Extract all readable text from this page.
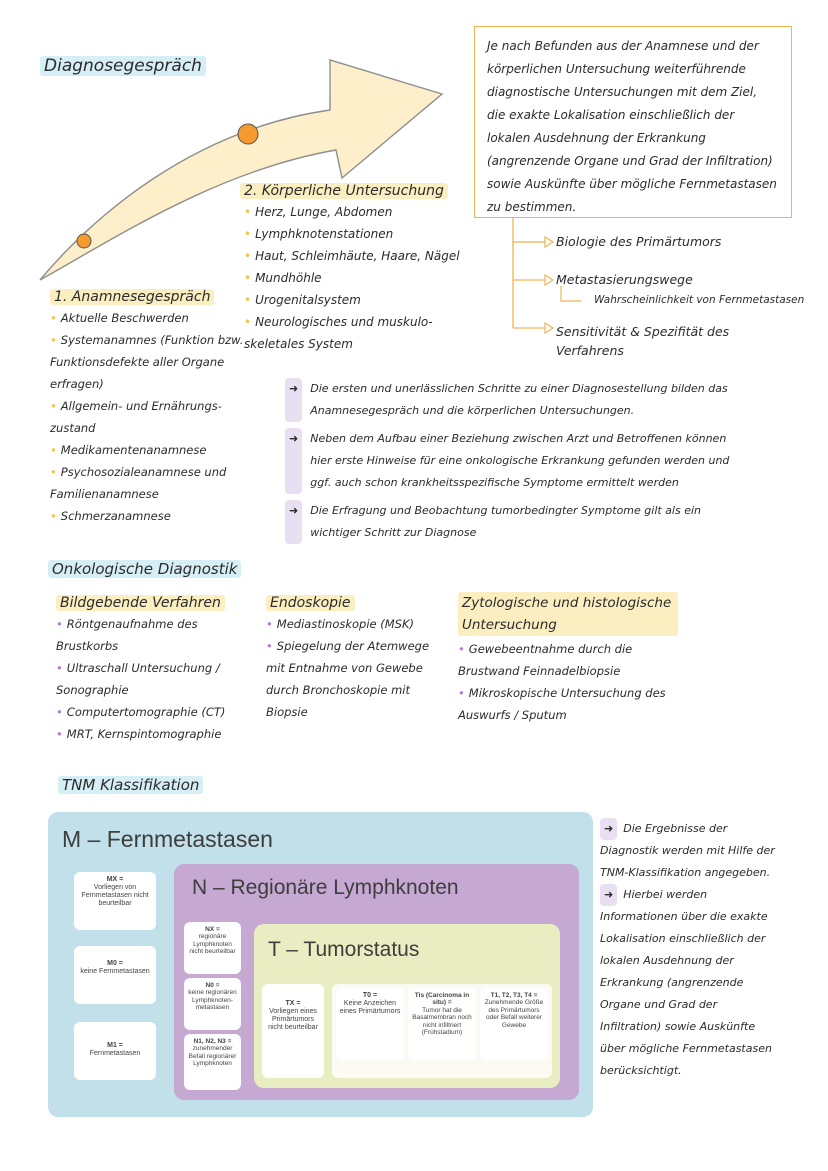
Diagnosegespräch
Je nach Befunden aus der Anamnese und der körperlichen Untersuchung weiterführende diagnostische Untersuchungen mit dem Ziel, die exakte Lokalisation einschließlich der lokalen Ausdehnung der Erkrankung (angrenzende Organe und Grad der Infiltration) sowie Auskünfte über mögliche Fernmetastasen zu bestimmen.
Biologie des Primärtumors
Metastasierungswege
Wahrscheinlichkeit von Fernmetastasen
Sensitivität & Spezifität des Verfahrens
1. Anamnesegespräch
• Aktuelle Beschwerden
• Systemanamnes (Funktion bzw. Funktionsdefekte aller Organe erfragen)
• Allgemein- und Ernährungs-zustand
• Medikamentenanamnese
• Psychosozialeanamnese und Familienanamnese
• Schmerzanamnese
2. Körperliche Untersuchung
• Herz, Lunge, Abdomen
• Lymphknotenstationen
• Haut, Schleimhäute, Haare, Nägel
• Mundhöhle
• Urogenitalsystem
• Neurologisches und muskulo-skeletales System
➜	Die ersten und unerlässlichen Schritte zu einer Diagnosestellung bilden das Anamnesegespräch und die körperlichen Untersuchungen.
➜	Neben dem Aufbau einer Beziehung zwischen Arzt und Betroffenen können hier erste Hinweise für eine onkologische Erkrankung gefunden werden und ggf. auch schon krankheitsspezifische Symptome ermittelt werden
➜	Die Erfragung und Beobachtung tumorbedingter Symptome gilt als ein wichtiger Schritt zur Diagnose
Onkologische Diagnostik
Bildgebende Verfahren
• Röntgenaufnahme des Brustkorbs
• Ultraschall Untersuchung / Sonographie
• Computertomographie (CT)
• MRT, Kernspintomographie
Endoskopie
• Mediastinoskopie (MSK)
• Spiegelung der Atemwege mit Entnahme von Gewebe durch Bronchoskopie mit Biopsie
Zytologische und histologische Untersuchung
• Gewebeentnahme durch die Brustwand Feinnadelbiopsie
• Mikroskopische Untersuchung des Auswurfs / Sputum
TNM Klassifikation
M – Fernmetastasen
MX =
Vorliegen von Fernmetastasen nicht beurteilbar
M0 =
keine Fernmetastasen
M1 =
Fernmetastasen
N – Regionäre Lymphknoten
NX =
regionäre Lymphknoten nicht beurteilbar
N0 =
keine regionären Lymphknoten-metastasen
N1, N2, N3 =
zunehmender Befall regionärer Lymphknoten
T – Tumorstatus
TX =
Vorliegen eines Primärtumors nicht beurteilbar
T0 =
Keine Anzeichen eines Primärtumors
Tis (Carcinoma in situ) =
Tumor hat die Basalmembran noch nicht infiltriert (Frühstadium)
T1, T2, T3, T4 =
Zunehmende Größe des Primärtumors oder Befall weiterer Gewebe
➜ Die Ergebnisse der Diagnostik werden mit Hilfe der TNM-Klassifikation angegeben.
➜ Hierbei werden Informationen über die exakte Lokalisation einschließlich der lokalen Ausdehnung der Erkrankung (angrenzende Organe und Grad der Infiltration) sowie Auskünfte über mögliche Fernmetastasen berücksichtigt.
